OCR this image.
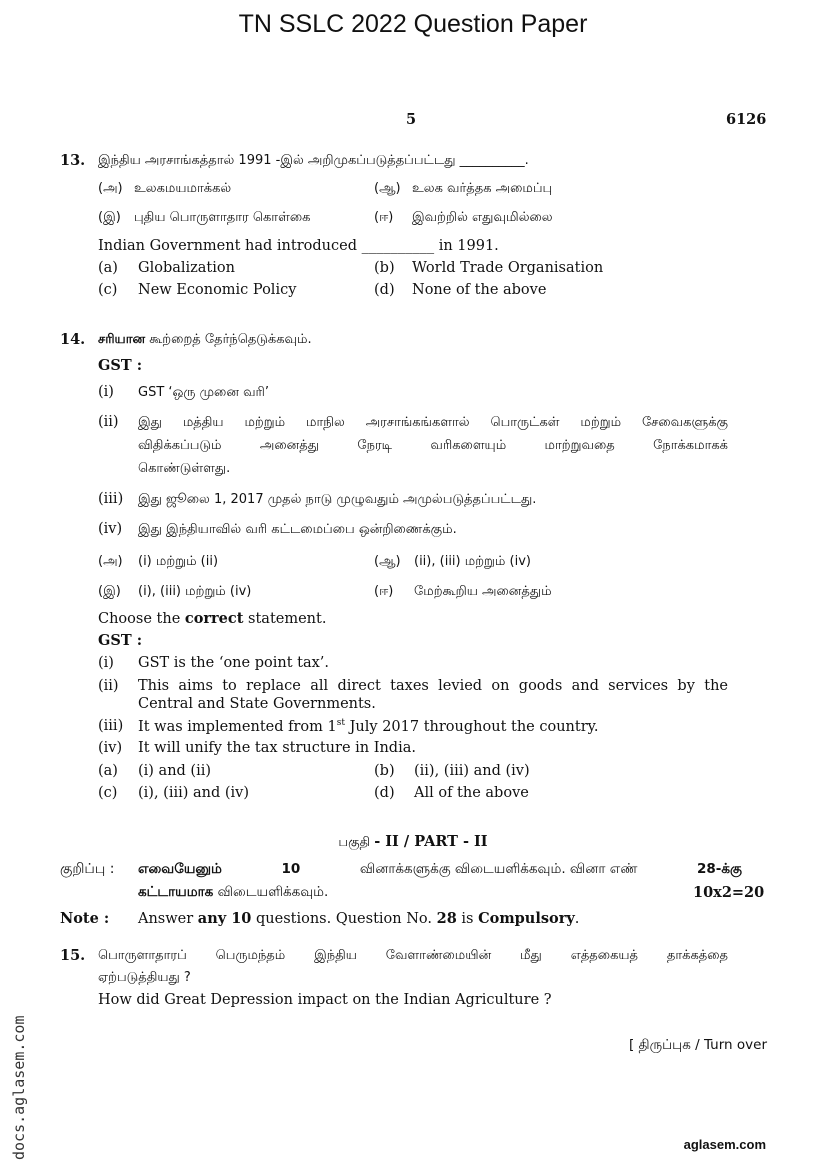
TN SSLC 2022 Question Paper
5	6126
13. இந்திய அரசாங்கத்தால் 1991 -இல் அறிமுகப்படுத்தப்பட்டது __________.
(அ) உலகமயமாக்கல்	(ஆ) உலக வர்த்தக அமைப்பு
(இ) புதிய பொருளாதார கொள்கை	(ஈ) இவற்றில் எதுவுமில்லை
Indian Government had introduced __________ in 1991.
(a) Globalization	(b) World Trade Organisation
(c) New Economic Policy	(d) None of the above
14. சரியான கூற்றைத் தேர்ந்தெடுக்கவும்.
GST :
(i) GST ‘ஒரு முனை வரி’
(ii) இது மத்திய மற்றும் மாநில அரசாங்கங்களால் பொருட்கள் மற்றும் சேவைகளுக்கு
விதிக்கப்படும் அனைத்து நேரடி வரிகளையும் மாற்றுவதை நோக்கமாகக்
கொண்டுள்ளது.
(iii) இது ஜூலை 1, 2017 முதல் நாடு முழுவதும் அமுல்படுத்தப்பட்டது.
(iv) இது இந்தியாவில் வரி கட்டமைப்பை ஒன்றிணைக்கும்.
(அ) (i) மற்றும் (ii)	(ஆ) (ii), (iii) மற்றும் (iv)
(இ) (i), (iii) மற்றும் (iv)	(ஈ) மேற்கூறிய அனைத்தும்
Choose the correct statement.
GST :
(i) GST is the ‘one point tax’.
(ii) This aims to replace all direct taxes levied on goods and services by the
Central and State Governments.
(iii) It was implemented from 1st July 2017 throughout the country.
(iv) It will unify the tax structure in India.
(a) (i) and (ii)	(b) (ii), (iii) and (iv)
(c) (i), (iii) and (iv)	(d) All of the above
பகுதி - II / PART - II
குறிப்பு : எவையேனும்	10	வினாக்களுக்கு விடையளிக்கவும். வினா எண்	28-க்கு
கட்டாயமாக விடையளிக்கவும்.	10x2=20
Note : Answer any 10 questions. Question No. 28 is Compulsory.
15. பொருளாதாரப் பெருமந்தம் இந்திய வேளாண்மையின் மீது எத்தகையத் தாக்கத்தை
ஏற்படுத்தியது ?
How did Great Depression impact on the Indian Agriculture ?
[ திருப்புக / Turn over
docs.aglasem.com	aglasem.com
